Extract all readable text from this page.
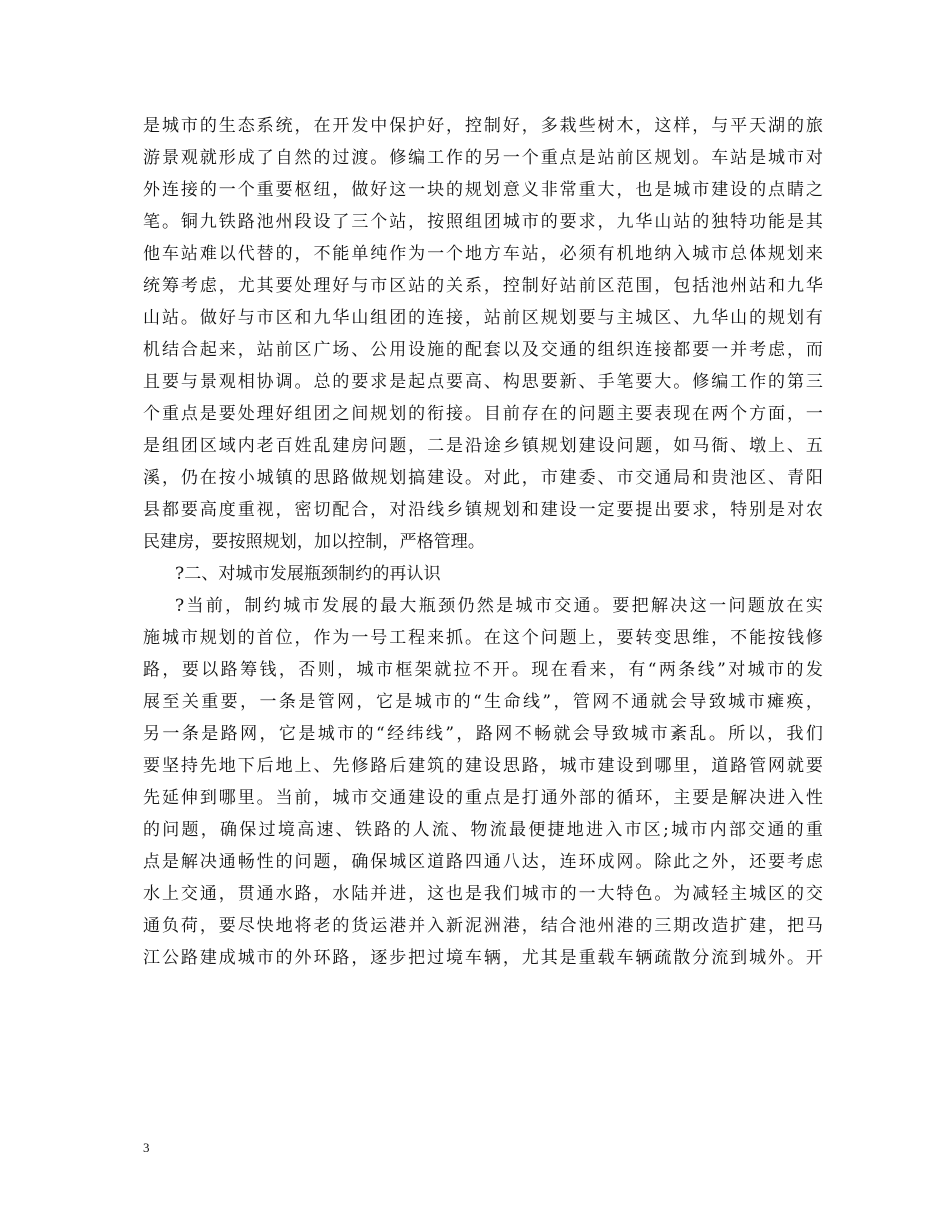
是城市的生态系统，在开发中保护好，控制好，多栽些树木，这样，与平天湖的旅
游景观就形成了自然的过渡。修编工作的另一个重点是站前区规划。车站是城市对
外连接的一个重要枢纽，做好这一块的规划意义非常重大，也是城市建设的点睛之
笔。铜九铁路池州段设了三个站，按照组团城市的要求，九华山站的独特功能是其
他车站难以代替的，不能单纯作为一个地方车站，必须有机地纳入城市总体规划来
统筹考虑，尤其要处理好与市区站的关系，控制好站前区范围，包括池州站和九华
山站。做好与市区和九华山组团的连接，站前区规划要与主城区、九华山的规划有
机结合起来，站前区广场、公用设施的配套以及交通的组织连接都要一并考虑，而
且要与景观相协调。总的要求是起点要高、构思要新、手笔要大。修编工作的第三
个重点是要处理好组团之间规划的衔接。目前存在的问题主要表现在两个方面，一
是组团区域内老百姓乱建房问题，二是沿途乡镇规划建设问题，如马衙、墩上、五
溪，仍在按小城镇的思路做规划搞建设。对此，市建委、市交通局和贵池区、青阳
县都要高度重视，密切配合，对沿线乡镇规划和建设一定要提出要求，特别是对农
民建房，要按照规划，加以控制，严格管理。
?二、对城市发展瓶颈制约的再认识
?当前，制约城市发展的最大瓶颈仍然是城市交通。要把解决这一问题放在实
施城市规划的首位，作为一号工程来抓。在这个问题上，要转变思维，不能按钱修
路，要以路筹钱，否则，城市框架就拉不开。现在看来，有“两条线”对城市的发
展至关重要，一条是管网，它是城市的“生命线”，管网不通就会导致城市瘫痪，
另一条是路网，它是城市的“经纬线”，路网不畅就会导致城市紊乱。所以，我们
要坚持先地下后地上、先修路后建筑的建设思路，城市建设到哪里，道路管网就要
先延伸到哪里。当前，城市交通建设的重点是打通外部的循环，主要是解决进入性
的问题，确保过境高速、铁路的人流、物流最便捷地进入市区;城市内部交通的重
点是解决通畅性的问题，确保城区道路四通八达，连环成网。除此之外，还要考虑
水上交通，贯通水路，水陆并进，这也是我们城市的一大特色。为减轻主城区的交
通负荷，要尽快地将老的货运港并入新泥洲港，结合池州港的三期改造扩建，把马
江公路建成城市的外环路，逐步把过境车辆，尤其是重载车辆疏散分流到城外。开
3
